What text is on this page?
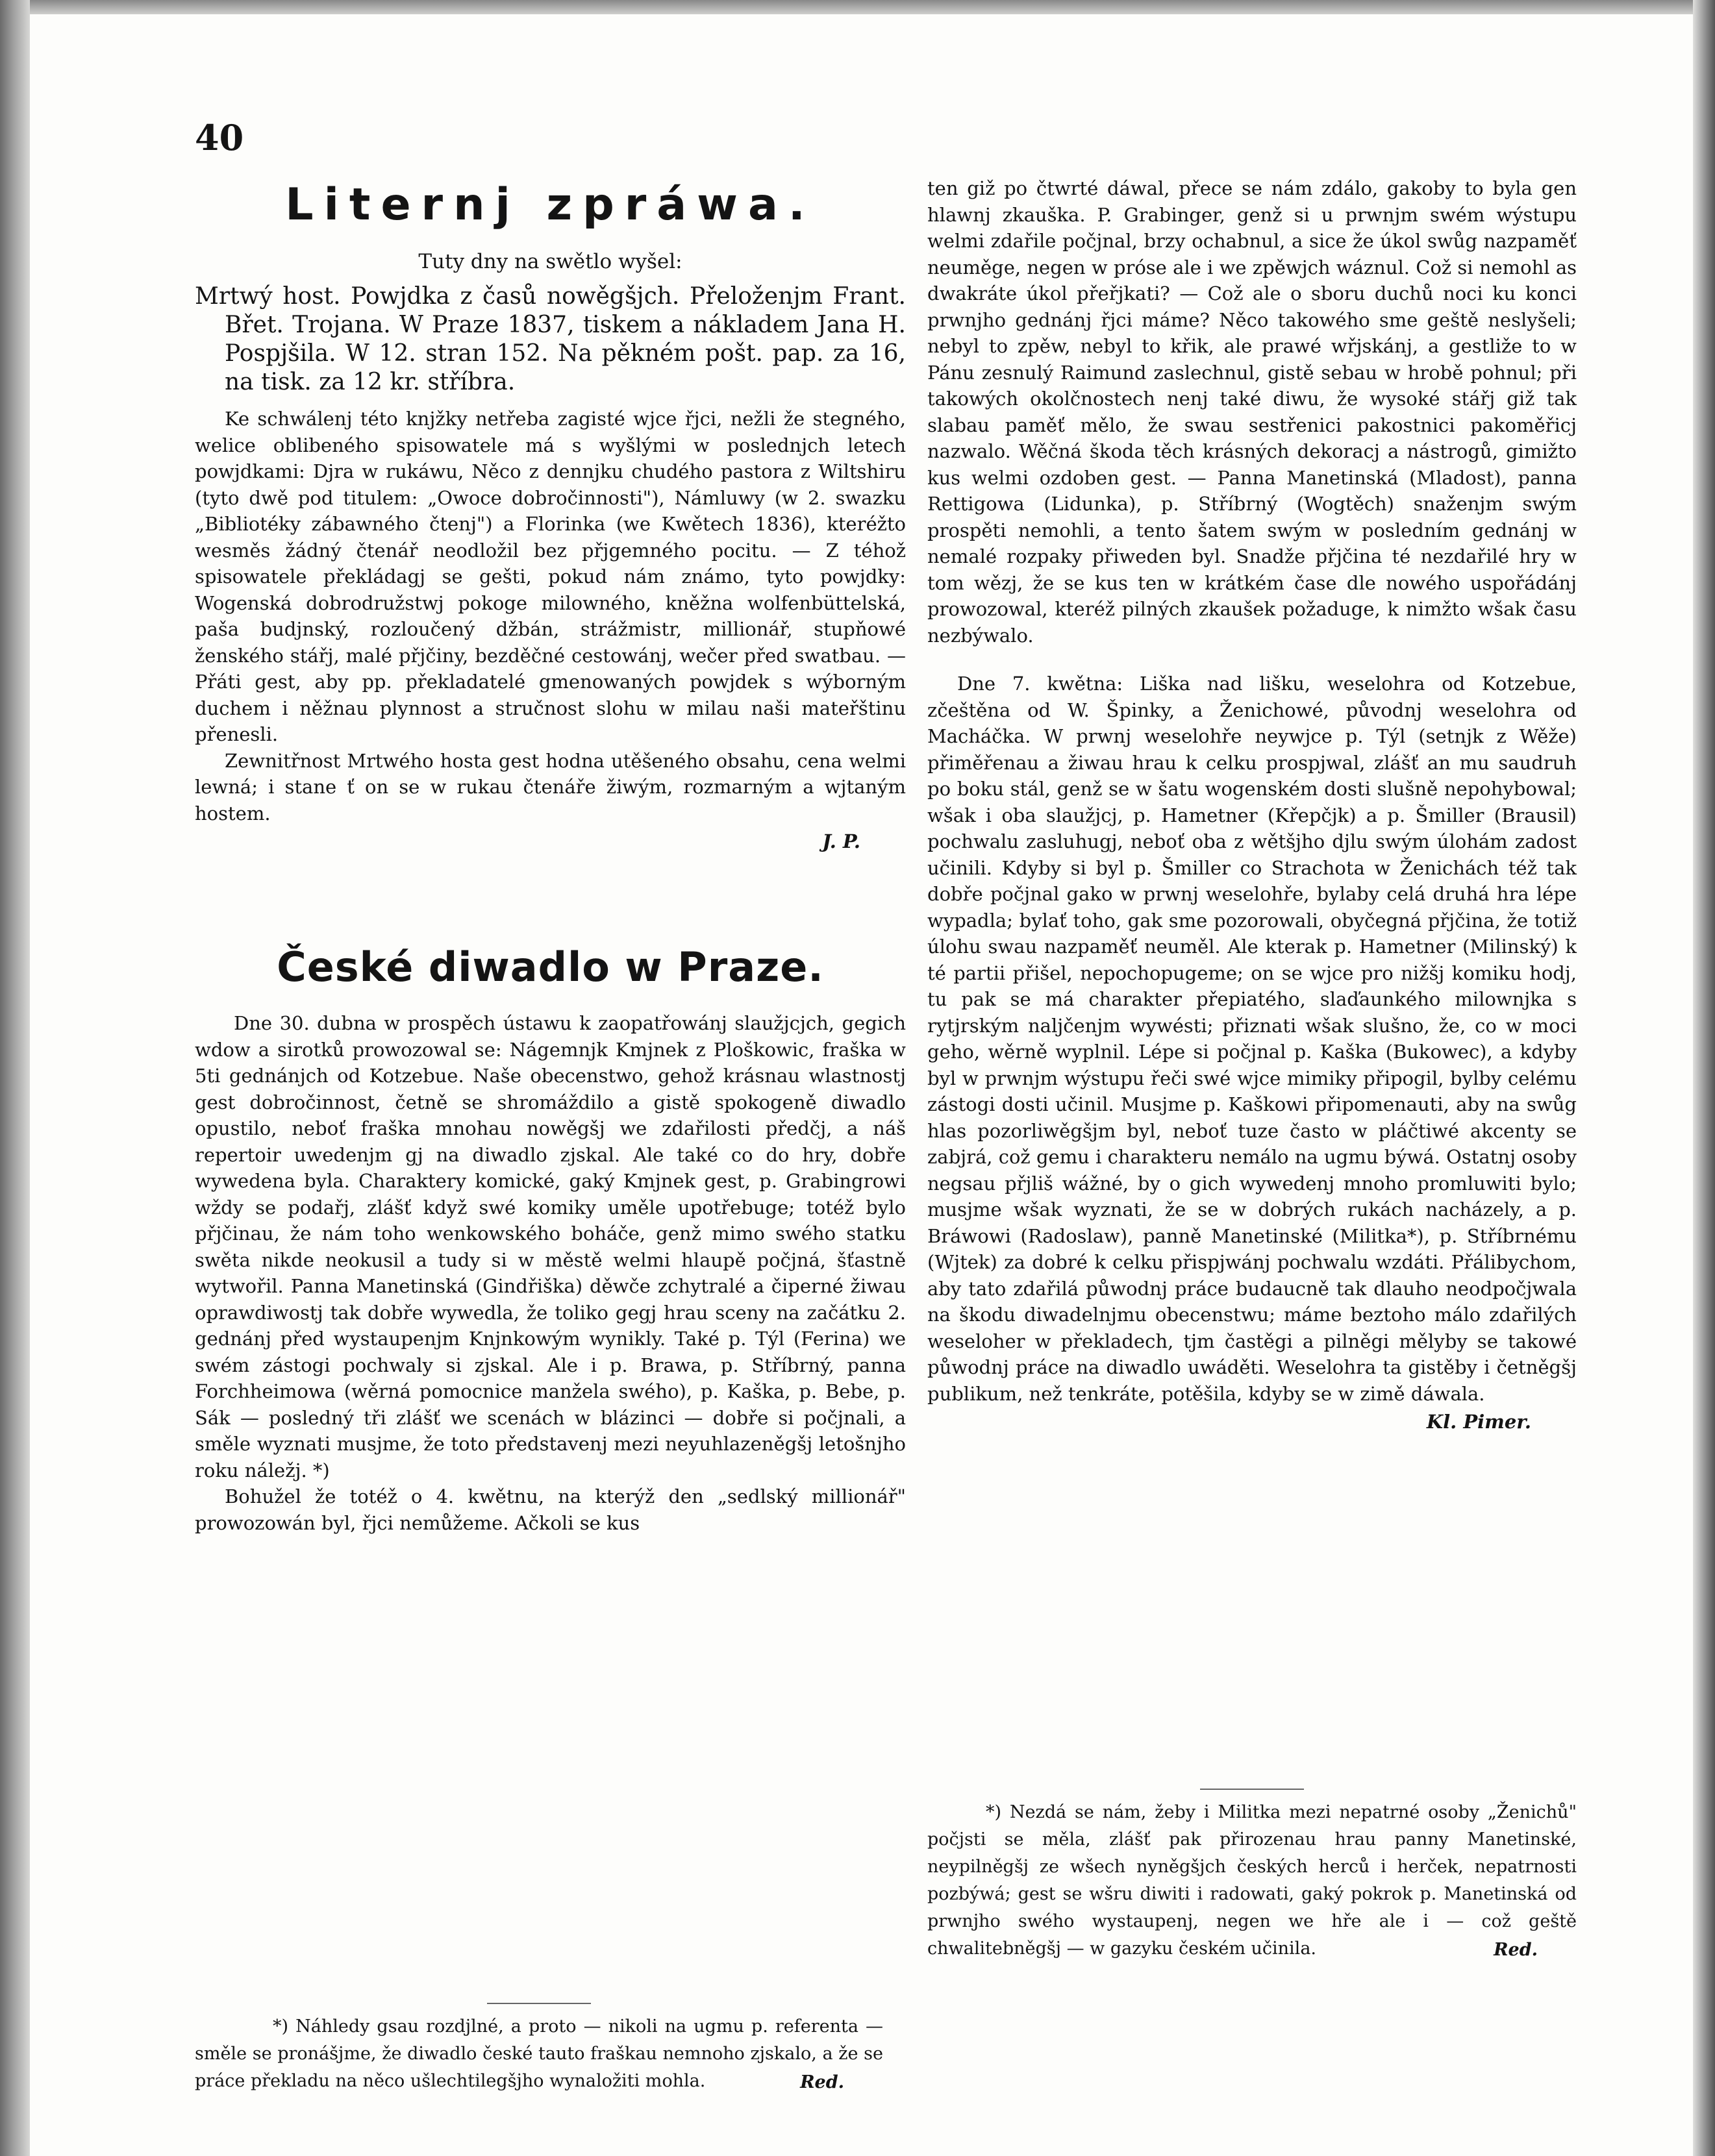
40
Liternj zpráwa.

Tuty dny na swětlo wyšel:

Mrtwý host. Powjdka z časů nowěgšjch. Přeloženjm Frant. Břet. Trojana. W Praze 1837, tiskem a nákladem Jana H. Pospjšila. W 12. stran 152. Na pěkném pošt. pap. za 16, na tisk. za 12 kr. stříbra.

Ke schwálenj této knjžky netřeba zagisté wjce řjci, nežli že stegného, welice oblibeného spisowatele má s wyšlými w poslednjch letech powjdkami: Djra w rukáwu, Něco z dennjku chudého pastora z Wiltshiru (tyto dwě pod titulem: „Owoce dobročinnosti"), Námluwy (w 2. swazku „Bibliotéky zábawného čtenj") a Florinka (we Kwětech 1836), kteréžto wesměs žádný čtenář neodložil bez přjgemného pocitu. — Z téhož spisowatele překládagj se gešti, pokud nám známo, tyto powjdky: Wogenská dobrodružstwj pokoge milowného, kněžna wolfenbüttelská, paša budjnský, rozloučený džbán, strážmistr, millionář, stupňowé ženského stářj, malé přjčiny, bezděčné cestowánj, wečer před swatbau. — Přáti gest, aby pp. překladatelé gmenowaných powjdek s wýborným duchem i něžnau plynnost a stručnost slohu w milau naši mateřštinu přenesli.

Zewnitřnost Mrtwého hosta gest hodna utěšeného obsahu, cena welmi lewná; i stane ť on se w rukau čtenáře žiwým, rozmarným a wjtaným hostem.

J. P.
České diwadlo w Praze.

Dne 30. dubna w prospěch ústawu k zaopatřowánj slaužjcjch, gegich wdow a sirotků prowozowal se: Nágemnjk Kmjnek z Ploškowic, fraška w 5ti gednánjch od Kotzebue. Naše obecenstwo, gehož krásnau wlastnostj gest dobročinnost, četně se shromáždilo a gistě spokogeně diwadlo opustilo, neboť fraška mnohau nowěgšj we zdařilosti předčj, a náš repertoir uwedenjm gj na diwadlo zjskal. Ale také co do hry, dobře wywedena byla. Charaktery komické, gaký Kmjnek gest, p. Grabingrowi wždy se podařj, zlášť když swé komiky uměle upotřebuge; totéž bylo přjčinau, že nám toho wenkowského boháče, genž mimo swého statku swěta nikde neokusil a tudy si w městě welmi hlaupě počjná, šťastně wytwořil. Panna Manetinská (Gindřiška) děwče zchytralé a čiperné žiwau oprawdiwostj tak dobře wywedla, že toliko gegj hrau sceny na začátku 2. gednánj před wystaupenjm Knjnkowým wynikly. Také p. Týl (Ferina) we swém zástogi pochwaly si zjskal. Ale i p. Brawa, p. Stříbrný, panna Forchheimowa (wěrná pomocnice manžela swého), p. Kaška, p. Bebe, p. Sák — posledný tři zlášť we scenách w blázinci — dobře si počjnali, a směle wyznati musjme, že toto představenj mezi neyuhlazeněgšj letošnjho roku náležj. *)

Bohužel že totéž o 4. kwětnu, na kterýž den „sedlský millionář" prowozowán byl, řjci nemůžeme. Ačkoli se kus

ten giž po čtwrté dáwal, přece se nám zdálo, gakoby to byla gen hlawnj zkauška. P. Grabinger, genž si u prwnjm swém wýstupu welmi zdařile počjnal, brzy ochabnul, a sice že úkol swůg nazpaměť neuměge, negen w próse ale i we zpěwjch wáznul. Což si nemohl as dwakráte úkol přeřjkati? — Což ale o sboru duchů noci ku konci prwnjho gednánj řjci máme? Něco takowého sme geště neslyšeli; nebyl to zpěw, nebyl to křik, ale prawé wřjskánj, a gestliže to w Pánu zesnulý Raimund zaslechnul, gistě sebau w hrobě pohnul; při takowých okolčnostech nenj také diwu, že wysoké stářj giž tak slabau paměť mělo, že swau sestřenici pakostnici pakoměřicj nazwalo. Wěčná škoda těch krásných dekoracj a nástrogů, gimižto kus welmi ozdoben gest. — Panna Manetinská (Mladost), panna Rettigowa (Lidunka), p. Stříbrný (Wogtěch) snaženjm swým prospěti nemohli, a tento šatem swým w posledním gednánj w nemalé rozpaky přiweden byl. Snadže přjčina té nezdařilé hry w tom wězj, že se kus ten w krátkém čase dle nowého uspořádánj prowozowal, kteréž pilných zkaušek požaduge, k nimžto wšak času nezbýwalo.

Dne 7. kwětna: Liška nad lišku, weselohra od Kotzebue, zčeštěna od W. Špinky, a Ženichowé, původnj weselohra od Macháčka. W prwnj weselohře neywjce p. Týl (setnjk z Wěže) přiměřenau a žiwau hrau k celku prospjwal, zlášť an mu saudruh po boku stál, genž se w šatu wogenském dosti slušně nepohybowal; wšak i oba slaužjcj, p. Hametner (Křepčjk) a p. Šmiller (Brausil) pochwalu zasluhugj, neboť oba z wětšjho djlu swým úlohám zadost učinili. Kdyby si byl p. Šmiller co Strachota w Ženichách též tak dobře počjnal gako w prwnj weselohře, bylaby celá druhá hra lépe wypadla; bylať toho, gak sme pozorowali, obyčegná přjčina, že totiž úlohu swau nazpaměť neuměl. Ale kterak p. Hametner (Milinský) k té partii přišel, nepochopugeme; on se wjce pro nižšj komiku hodj, tu pak se má charakter přepiatého, slaďaunkého milownjka s rytjrským naljčenjm wywésti; přiznati wšak slušno, že, co w moci geho, wěrně wyplnil. Lépe si počjnal p. Kaška (Bukowec), a kdyby byl w prwnjm wýstupu řeči swé wjce mimiky připogil, bylby celému zástogi dosti učinil. Musjme p. Kaškowi připomenauti, aby na swůg hlas pozorliwěgšjm byl, neboť tuze často w pláčtiwé akcenty se zabjrá, což gemu i charakteru nemálo na ugmu býwá. Ostatnj osoby negsau přjliš wážné, by o gich wywedenj mnoho promluwiti bylo; musjme wšak wyznati, že se w dobrých rukách nacházely, a p. Bráwowi (Radoslaw), panně Manetinské (Militka*), p. Stříbrnému (Wjtek) za dobré k celku přispjwánj pochwalu wzdáti. Přálibychom, aby tato zdařilá půwodnj práce budaucně tak dlauho neodpočjwala na škodu diwadelnjmu obecenstwu; máme beztoho málo zdařilých weseloher w překladech, tjm častěgi a pilněgi mělyby se takowé půwodnj práce na diwadlo uwáděti. Weselohra ta gistěby i četněgšj publikum, než tenkráte, potěšila, kdyby se w zimě dáwala.

Kl. Pimer.

*) Náhledy gsau rozdjlné, a proto — nikoli na ugmu p. referenta — směle se pronášjme, že diwadlo české tauto fraškau nemnoho zjskalo, a že se práce překladu na něco ušlechtilegšjho wynaložiti mohla.	Red.

*) Nezdá se nám, žeby i Militka mezi nepatrné osoby „Ženichů" počjsti se měla, zlášť pak přirozenau hrau panny Manetinské, neypilněgšj ze wšech nyněgšjch českých herců i herček, nepatrnosti pozbýwá; gest se wšru diwiti i radowati, gaký pokrok p. Manetinská od prwnjho swého wystaupenj, negen we hře ale i — což geště chwalitebněgšj — w gazyku českém učinila.	Red.
